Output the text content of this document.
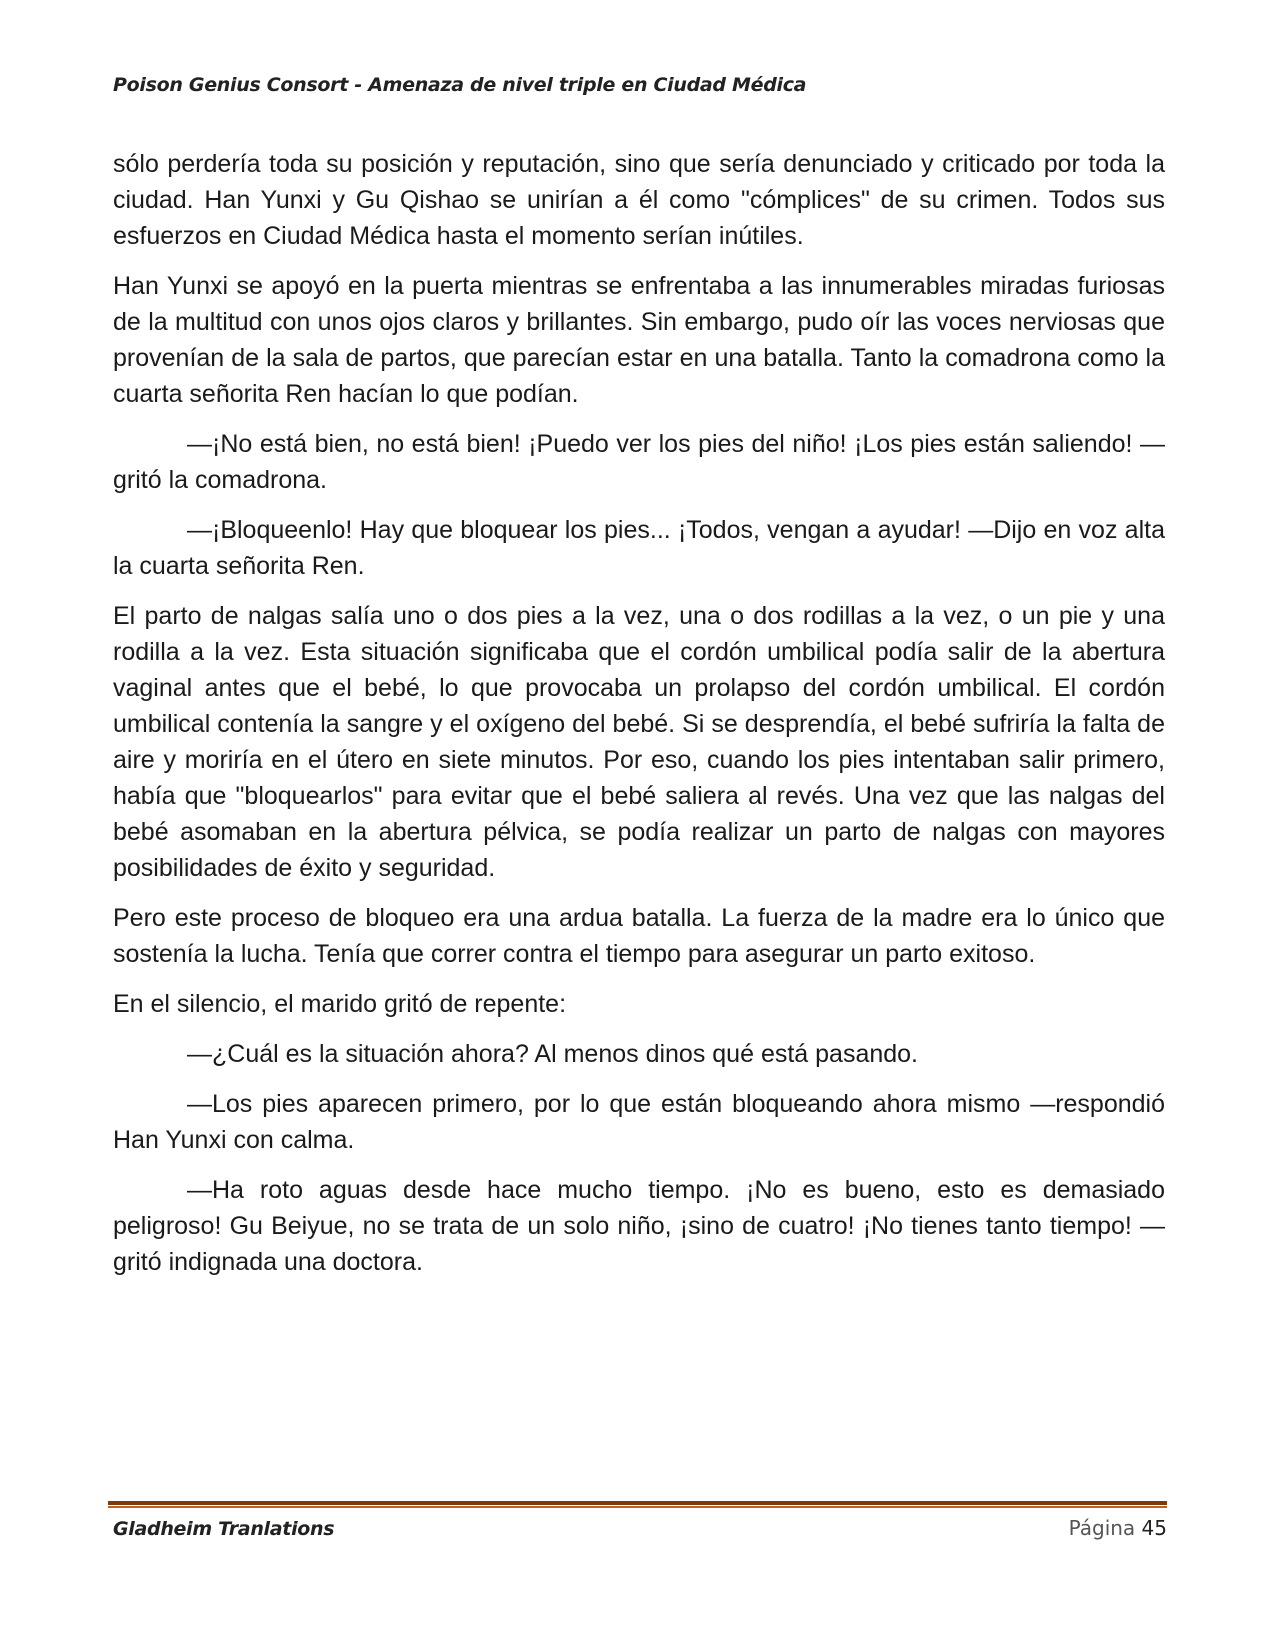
Poison Genius Consort - Amenaza de nivel triple en Ciudad Médica

sólo perdería toda su posición y reputación, sino que sería denunciado y criticado por toda la ciudad. Han Yunxi y Gu Qishao se unirían a él como "cómplices" de su crimen. Todos sus esfuerzos en Ciudad Médica hasta el momento serían inútiles.

Han Yunxi se apoyó en la puerta mientras se enfrentaba a las innumerables miradas furiosas de la multitud con unos ojos claros y brillantes. Sin embargo, pudo oír las voces nerviosas que provenían de la sala de partos, que parecían estar en una batalla. Tanto la comadrona como la cuarta señorita Ren hacían lo que podían.

—¡No está bien, no está bien! ¡Puedo ver los pies del niño! ¡Los pies están saliendo! —gritó la comadrona.

—¡Bloqueenlo! Hay que bloquear los pies... ¡Todos, vengan a ayudar! —Dijo en voz alta la cuarta señorita Ren.

El parto de nalgas salía uno o dos pies a la vez, una o dos rodillas a la vez, o un pie y una rodilla a la vez. Esta situación significaba que el cordón umbilical podía salir de la abertura vaginal antes que el bebé, lo que provocaba un prolapso del cordón umbilical. El cordón umbilical contenía la sangre y el oxígeno del bebé. Si se desprendía, el bebé sufriría la falta de aire y moriría en el útero en siete minutos. Por eso, cuando los pies intentaban salir primero, había que "bloquearlos" para evitar que el bebé saliera al revés. Una vez que las nalgas del bebé asomaban en la abertura pélvica, se podía realizar un parto de nalgas con mayores posibilidades de éxito y seguridad.

Pero este proceso de bloqueo era una ardua batalla. La fuerza de la madre era lo único que sostenía la lucha. Tenía que correr contra el tiempo para asegurar un parto exitoso.

En el silencio, el marido gritó de repente:

—¿Cuál es la situación ahora? Al menos dinos qué está pasando.

—Los pies aparecen primero, por lo que están bloqueando ahora mismo —respondió Han Yunxi con calma.

—Ha roto aguas desde hace mucho tiempo. ¡No es bueno, esto es demasiado peligroso! Gu Beiyue, no se trata de un solo niño, ¡sino de cuatro! ¡No tienes tanto tiempo! —gritó indignada una doctora.

Gladheim Tranlations	Página 45
